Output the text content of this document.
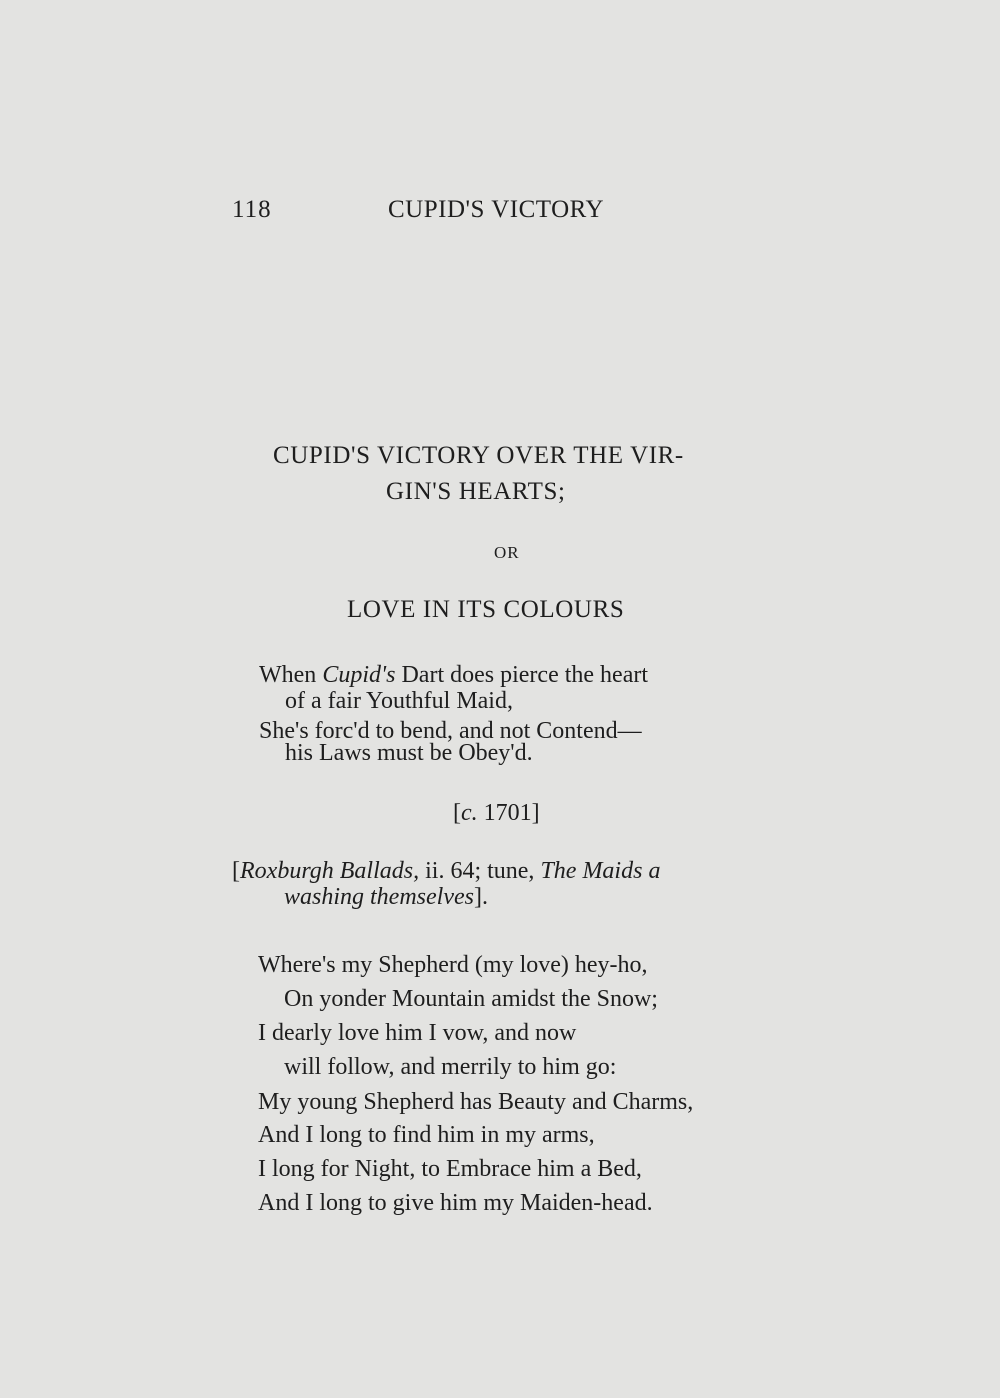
118	CUPID'S VICTORY
CUPID'S VICTORY OVER THE VIR-
GIN'S HEARTS;
OR
LOVE IN ITS COLOURS
When Cupid's Dart does pierce the heart
of a fair Youthful Maid,
She's forc'd to bend, and not Contend—
his Laws must be Obey'd.
[c. 1701]
[Roxburgh Ballads, ii. 64; tune, The Maids a
washing themselves].
Where's my Shepherd (my love) hey-ho,
On yonder Mountain amidst the Snow;
I dearly love him I vow, and now
will follow, and merrily to him go:
My young Shepherd has Beauty and Charms,
And I long to find him in my arms,
I long for Night, to Embrace him a Bed,
And I long to give him my Maiden-head.
